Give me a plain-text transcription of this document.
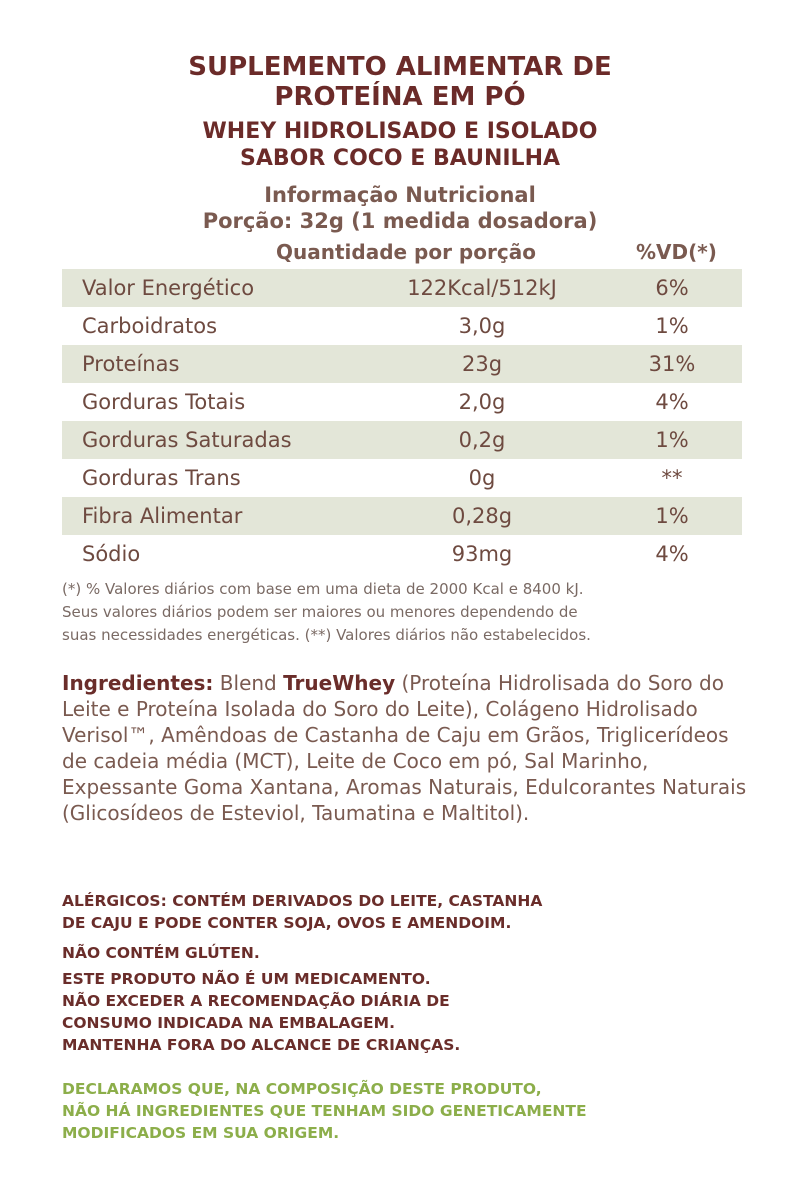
SUPLEMENTO ALIMENTAR DE
PROTEÍNA EM PÓ
WHEY HIDROLISADO E ISOLADO
SABOR COCO E BAUNILHA
Informação Nutricional
Porção: 32g (1 medida dosadora)
Quantidade por porção	%VD(*)
Valor Energético	122Kcal/512kJ	6%
Carboidratos	3,0g	1%
Proteínas	23g	31%
Gorduras Totais	2,0g	4%
Gorduras Saturadas	0,2g	1%
Gorduras Trans	0g	**
Fibra Alimentar	0,28g	1%
Sódio	93mg	4%
(*) % Valores diários com base em uma dieta de 2000 Kcal e 8400 kJ.
Seus valores diários podem ser maiores ou menores dependendo de
suas necessidades energéticas. (**) Valores diários não estabelecidos.
Ingredientes: Blend TrueWhey (Proteína Hidrolisada do Soro do Leite e Proteína Isolada do Soro do Leite), Colágeno Hidrolisado Verisol™, Amêndoas de Castanha de Caju em Grãos, Triglicerídeos de cadeia média (MCT), Leite de Coco em pó, Sal Marinho, Expessante Goma Xantana, Aromas Naturais, Edulcorantes Naturais (Glicosídeos de Esteviol, Taumatina e Maltitol).
ALÉRGICOS: CONTÉM DERIVADOS DO LEITE, CASTANHA
DE CAJU E PODE CONTER SOJA, OVOS E AMENDOIM.
NÃO CONTÉM GLÚTEN.
ESTE PRODUTO NÃO É UM MEDICAMENTO.
NÃO EXCEDER A RECOMENDAÇÃO DIÁRIA DE
CONSUMO INDICADA NA EMBALAGEM.
MANTENHA FORA DO ALCANCE DE CRIANÇAS.
DECLARAMOS QUE, NA COMPOSIÇÃO DESTE PRODUTO,
NÃO HÁ INGREDIENTES QUE TENHAM SIDO GENETICAMENTE
MODIFICADOS EM SUA ORIGEM.
